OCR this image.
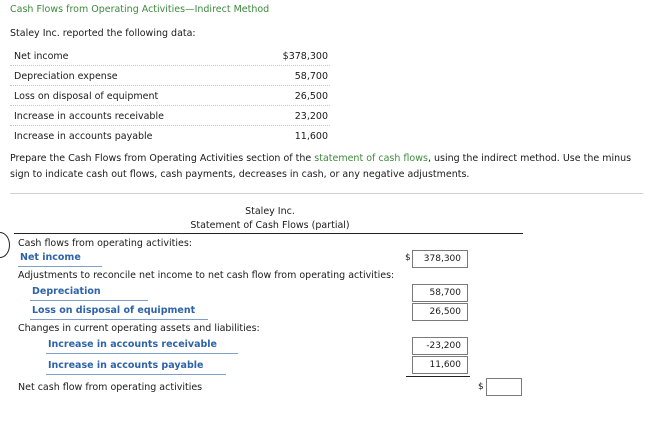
Cash Flows from Operating Activities—Indirect Method
Staley Inc. reported the following data:
Net income	$378,300
Depreciation expense	58,700
Loss on disposal of equipment	26,500
Increase in accounts receivable	23,200
Increase in accounts payable	11,600
Prepare the Cash Flows from Operating Activities section of the statement of cash flows, using the indirect method. Use the minus sign to indicate cash out flows, cash payments, decreases in cash, or any negative adjustments.
Staley Inc.
Statement of Cash Flows (partial)
Cash flows from operating activities:
Net income	$	378,300
Adjustments to reconcile net income to net cash flow from operating activities:
Depreciation	58,700
Loss on disposal of equipment	26,500
Changes in current operating assets and liabilities:
Increase in accounts receivable	-23,200
Increase in accounts payable	11,600
Net cash flow from operating activities	$
